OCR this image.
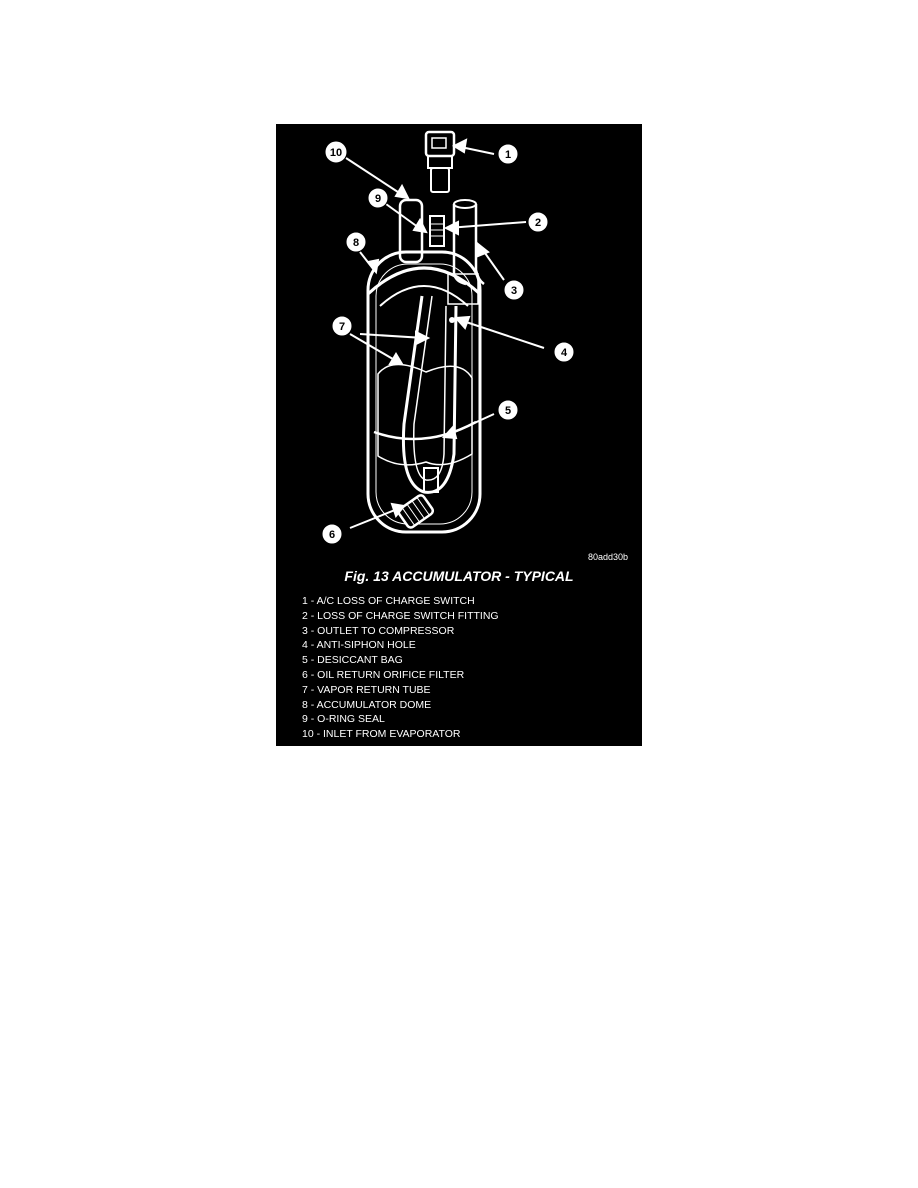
1
2
3
4
5
6
7
8
9
10
80add30b
Fig. 13 ACCUMULATOR - TYPICAL
1 - A/C LOSS OF CHARGE SWITCH
2 - LOSS OF CHARGE SWITCH FITTING
3 - OUTLET TO COMPRESSOR
4 - ANTI-SIPHON HOLE
5 - DESICCANT BAG
6 - OIL RETURN ORIFICE FILTER
7 - VAPOR RETURN TUBE
8 - ACCUMULATOR DOME
9 - O-RING SEAL
10 - INLET FROM EVAPORATOR
